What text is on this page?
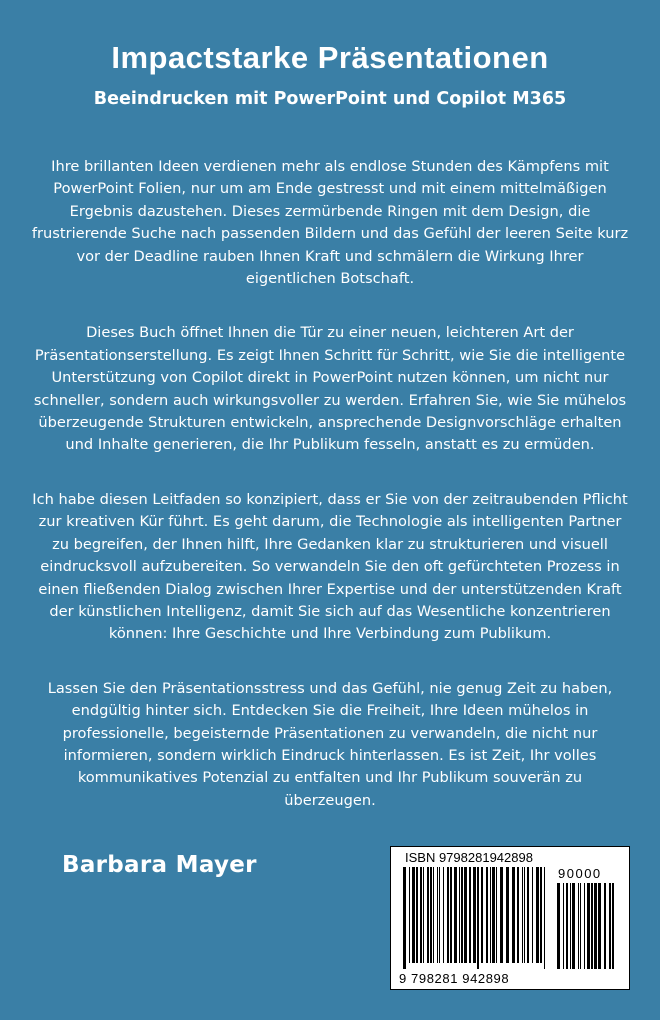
Impactstarke Präsentationen
Beeindrucken mit PowerPoint und Copilot M365

Ihre brillanten Ideen verdienen mehr als endlose Stunden des Kämpfens mit PowerPoint Folien, nur um am Ende gestresst und mit einem mittelmäßigen Ergebnis dazustehen. Dieses zermürbende Ringen mit dem Design, die frustrierende Suche nach passenden Bildern und das Gefühl der leeren Seite kurz vor der Deadline rauben Ihnen Kraft und schmälern die Wirkung Ihrer eigentlichen Botschaft.

Dieses Buch öffnet Ihnen die Tür zu einer neuen, leichteren Art der Präsentationserstellung. Es zeigt Ihnen Schritt für Schritt, wie Sie die intelligente Unterstützung von Copilot direkt in PowerPoint nutzen können, um nicht nur schneller, sondern auch wirkungsvoller zu werden. Erfahren Sie, wie Sie mühelos überzeugende Strukturen entwickeln, ansprechende Designvorschläge erhalten und Inhalte generieren, die Ihr Publikum fesseln, anstatt es zu ermüden.

Ich habe diesen Leitfaden so konzipiert, dass er Sie von der zeitraubenden Pflicht zur kreativen Kür führt. Es geht darum, die Technologie als intelligenten Partner zu begreifen, der Ihnen hilft, Ihre Gedanken klar zu strukturieren und visuell eindrucksvoll aufzubereiten. So verwandeln Sie den oft gefürchteten Prozess in einen fließenden Dialog zwischen Ihrer Expertise und der unterstützenden Kraft der künstlichen Intelligenz, damit Sie sich auf das Wesentliche konzentrieren können: Ihre Geschichte und Ihre Verbindung zum Publikum.

Lassen Sie den Präsentationsstress und das Gefühl, nie genug Zeit zu haben, endgültig hinter sich. Entdecken Sie die Freiheit, Ihre Ideen mühelos in professionelle, begeisternde Präsentationen zu verwandeln, die nicht nur informieren, sondern wirklich Eindruck hinterlassen. Es ist Zeit, Ihr volles kommunikatives Potenzial zu entfalten und Ihr Publikum souverän zu überzeugen.

Barbara Mayer	ISBN 9798281942898
90000
9 798281 942898
